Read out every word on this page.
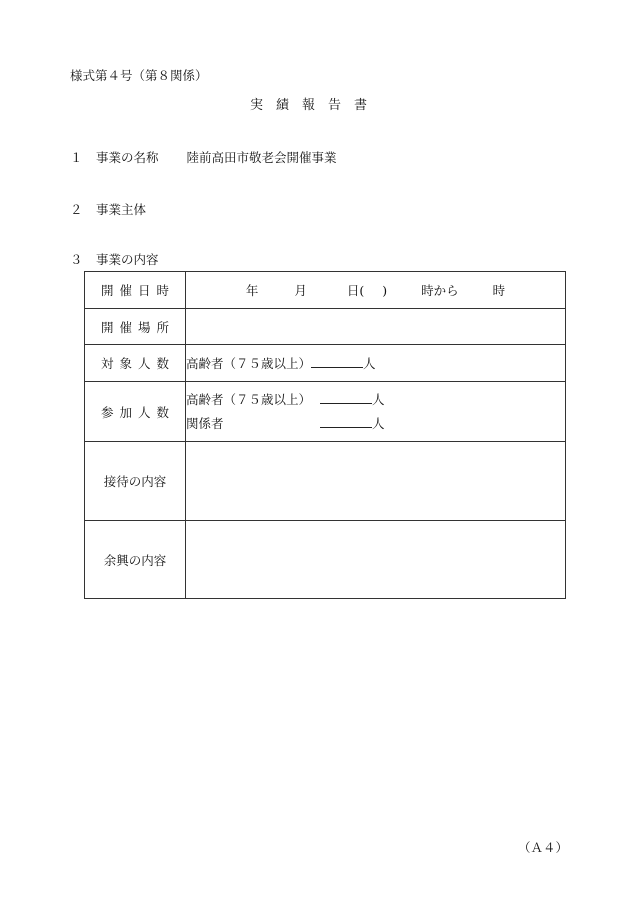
様式第４号（第８関係）
実績報告書
１ 事業の名称 陸前高田市敬老会開催事業
２ 事業主体
３ 事業の内容
開催日時	年 月 日( ) 時から 時
開催場所	
対象人数	高齢者（７５歳以上） 人
参加人数	高齢者（７５歳以上） 人
関係者 人

接待の内容	
余興の内容	
（Ａ４）
